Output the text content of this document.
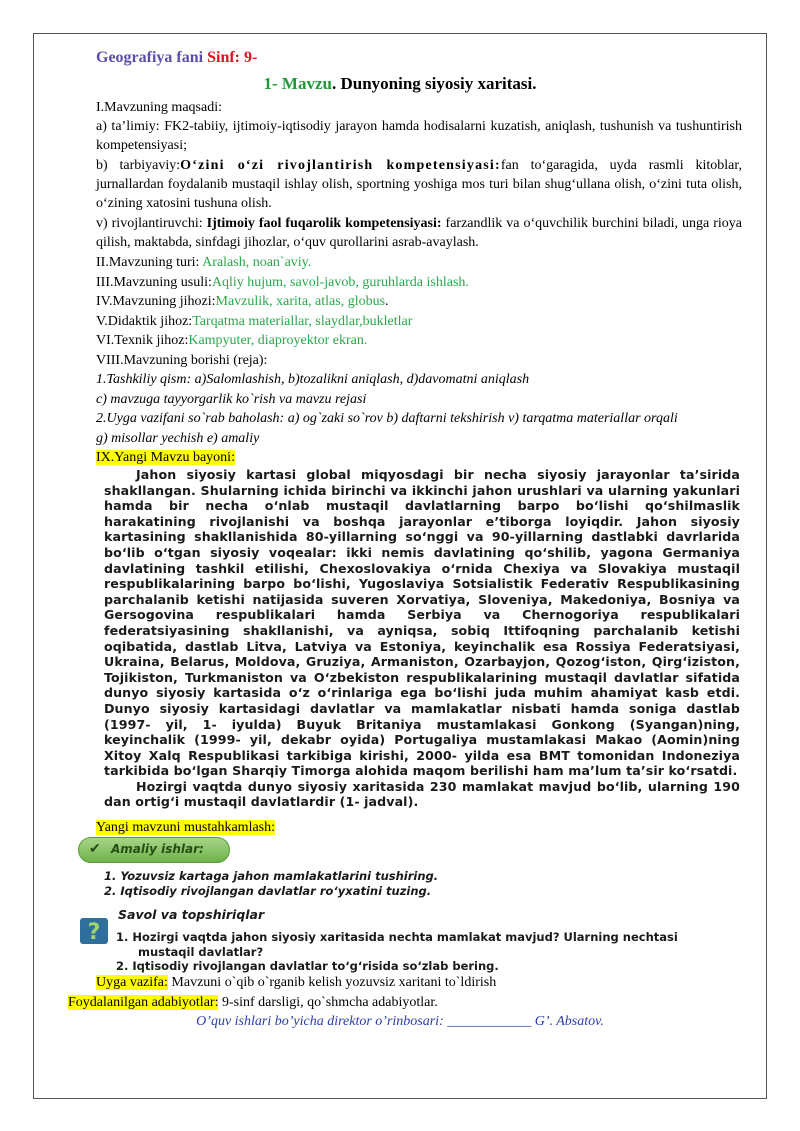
Geografiya fani Sinf: 9-
1- Mavzu. Dunyoning siyosiy xaritasi.
I.Mavzuning maqsadi:
a) ta’limiy: FK2-tabiiy, ijtimoiy-iqtisodiy jarayon hamda hodisalarni kuzatish, aniqlash, tushunish va tushuntirish kompetensiyasi;
b) tarbiyaviy:O‘zini o‘zi rivojlantirish kompetensiyasi:fan to‘garagida, uyda rasmli kitoblar, jurnallardan foydalanib mustaqil ishlay olish, sportning yoshiga mos turi bilan shug‘ullana olish, o‘zini tuta olish, o‘zining xatosini tushuna olish.
v) rivojlantiruvchi: Ijtimoiy faol fuqarolik kompetensiyasi: farzandlik va o‘quvchilik burchini biladi, unga rioya qilish, maktabda, sinfdagi jihozlar, o‘quv qurollarini asrab-avaylash.
II.Mavzuning turi: Aralash, noan`aviy.
III.Mavzuning usuli:Aqliy hujum, savol-javob, guruhlarda ishlash.
IV.Mavzuning jihozi:Mavzulik, xarita, atlas, globus.
V.Didaktik jihoz:Tarqatma materiallar, slaydlar,bukletlar
VI.Texnik jihoz:Kampyuter, diaproyektor ekran.
VIII.Mavzuning borishi (reja):
1.Tashkiliy qism: a)Salomlashish, b)tozalikni aniqlash, d)davomatni aniqlash
c) mavzuga tayyorgarlik ko`rish va mavzu rejasi
2.Uyga vazifani so`rab baholash: a) og`zaki so`rov b) daftarni tekshirish v) tarqatma materiallar orqali
g) misollar yechish e) amaliy
IX.Yangi Mavzu bayoni:

Jahon siyosiy kartasi global miqyosdagi bir necha siyosiy jarayonlar ta’sirida shakllangan. Shularning ichida birinchi va ikkinchi jahon urushlari va ularning yakunlari hamda bir necha o‘nlab mustaqil davlatlarning barpo bo‘lishi qo‘shilmaslik harakatining rivojlanishi va boshqa jarayonlar e’tiborga loyiqdir. Jahon siyosiy kartasining shakllanishida 80-yillarning so‘nggi va 90-yillarning dastlabki davrlarida bo‘lib o‘tgan siyosiy voqealar: ikki nemis davlatining qo‘shilib, yagona Germaniya davlatining tashkil etilishi, Chexoslovakiya o‘rnida Chexiya va Slovakiya mustaqil respublikalarining barpo bo‘lishi, Yugoslaviya Sotsialistik Federativ Respublikasining parchalanib ketishi natijasida suveren Xorvatiya, Sloveniya, Makedoniya, Bosniya va Gersogovina respublikalari hamda Serbiya va Chernogoriya respublikalari federatsiyasining shakllanishi, va ayniqsa, sobiq Ittifoqning parchalanib ketishi oqibatida, dastlab Litva, Latviya va Estoniya, keyinchalik esa Rossiya Federatsiyasi, Ukraina, Belarus, Moldova, Gruziya, Armaniston, Ozarbayjon, Qozog‘iston, Qirg‘iziston, Tojikiston, Turkmaniston va O‘zbekiston respublikalarining mustaqil davlatlar sifatida dunyo siyosiy kartasida o‘z o‘rinlariga ega bo‘lishi juda muhim ahamiyat kasb etdi. Dunyo siyosiy kartasidagi davlatlar va mamlakatlar nisbati hamda soniga dastlab (1997- yil, 1- iyulda) Buyuk Britaniya mustamlakasi Gonkong (Syangan)ning, keyinchalik (1999- yil, dekabr oyida) Portugaliya mustamlakasi Makao (Aomin)ning Xitoy Xalq Respublikasi tarkibiga kirishi, 2000- yilda esa BMT tomonidan Indoneziya tarkibida bo‘lgan Sharqiy Timorga alohida maqom berilishi ham ma’lum ta’sir ko‘rsatdi.

Hozirgi vaqtda dunyo siyosiy xaritasida 230 mamlakat mavjud bo‘lib, ularning 190 dan ortig‘i mustaqil davlatlardir (1- jadval).

Yangi mavzuni mustahkamlash:
✔ Amaliy ishlar:
1. Yozuvsiz kartaga jahon mamlakatlarini tushiring.
2. Iqtisodiy rivojlangan davlatlar ro‘yxatini tuzing.
?
Savol va topshiriqlar
1. Hozirgi vaqtda jahon siyosiy xaritasida nechta mamlakat mavjud? Ularning nechtasi mustaqil davlatlar?
2. Iqtisodiy rivojlangan davlatlar to‘g‘risida so‘zlab bering.
Uyga vazifa: Mavzuni o`qib o`rganib kelish yozuvsiz xaritani to`ldirish
Foydalanilgan adabiyotlar: 9-sinf darsligi, qo`shmcha adabiyotlar.
O’quv ishlari bo’yicha direktor o’rinbosari: ____________ G’. Absatov.
